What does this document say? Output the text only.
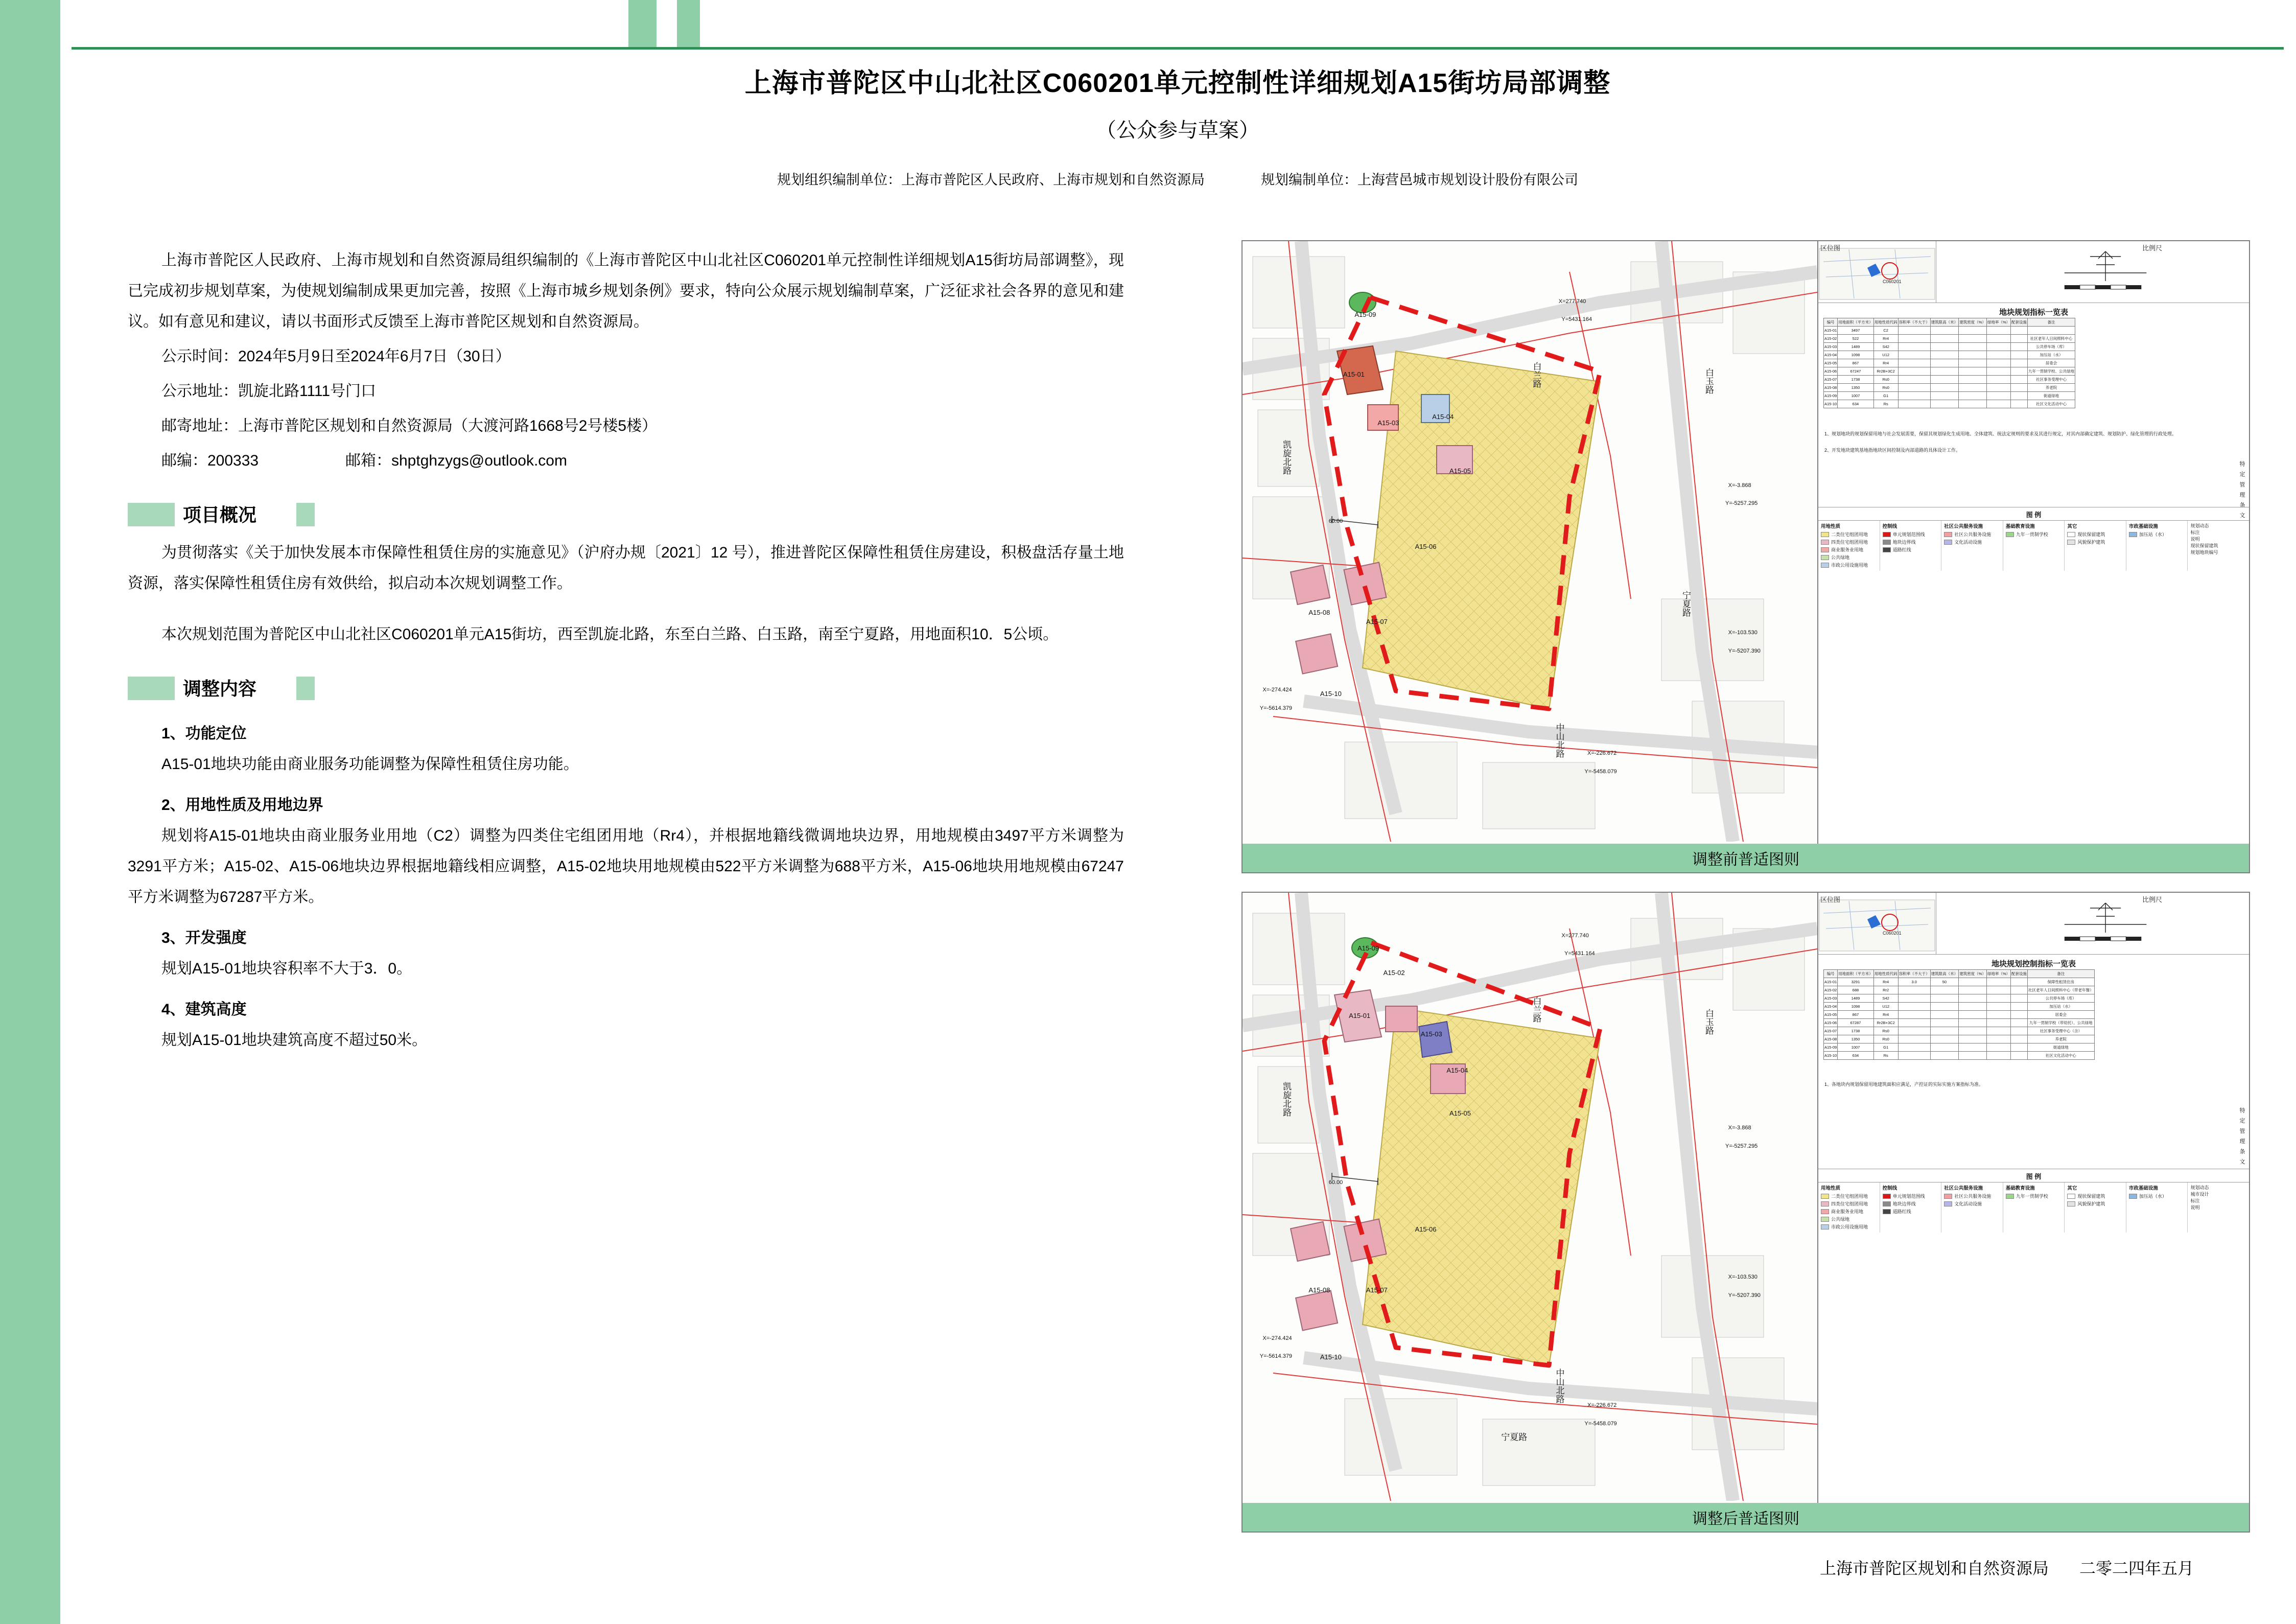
上海市普陀区中山北社区C060201单元控制性详细规划A15街坊局部调整
（公众参与草案）
规划组织编制单位：上海市普陀区人民政府、上海市规划和自然资源局	规划编制单位：上海营邑城市规划设计股份有限公司
上海市普陀区人民政府、上海市规划和自然资源局组织编制的《上海市普陀区中山北社区C060201单元控制性详细规划A15街坊局部调整》，现已完成初步规划草案，为使规划编制成果更加完善，按照《上海市城乡规划条例》要求，特向公众展示规划编制草案，广泛征求社会各界的意见和建议。如有意见和建议，请以书面形式反馈至上海市普陀区规划和自然资源局。
公示时间：2024年5月9日至2024年6月7日（30日）
公示地址：凯旋北路1111号门口
邮寄地址：上海市普陀区规划和自然资源局（大渡河路1668号2号楼5楼）
邮编：200333	邮箱：shptghzygs@outlook.com
项目概况
为贯彻落实《关于加快发展本市保障性租赁住房的实施意见》（沪府办规〔2021〕12 号），推进普陀区保障性租赁住房建设，积极盘活存量土地资源，落实保障性租赁住房有效供给，拟启动本次规划调整工作。
本次规划范围为普陀区中山北社区C060201单元A15街坊，西至凯旋北路，东至白兰路、白玉路，南至宁夏路，用地面积10．5公顷。
调整内容
1、功能定位
A15-01地块功能由商业服务功能调整为保障性租赁住房功能。
2、用地性质及用地边界
规划将A15-01地块由商业服务业用地（C2）调整为四类住宅组团用地（Rr4），并根据地籍线微调地块边界，用地规模由3497平方米调整为3291平方米；A15-02、A15-06地块边界根据地籍线相应调整，A15-02地块用地规模由522平方米调整为688平方米，A15-06地块用地规模由67247平方米调整为67287平方米。
3、开发强度
规划A15-01地块容积率不大于3．0。
4、建筑高度
规划A15-01地块建筑高度不超过50米。
60.00
X=277.740
Y=5431.164
X=-3.868
Y=-5257.295
X=-103.530
Y=-5207.390
X=-226.672
Y=-5458.079
X=-274.424
Y=-5614.379
A15-09
A15-01
A15-03
A15-04
A15-05
A15-06
A15-07
A15-08
A15-10
凯旋北路
白兰路	白玉路
中山北路
宁夏路
区位图
C060201
比例尺
地块规划指标一览表
编号	用地面积（平方米）	用地性质代码	容积率（不大于）	建筑限高（米）	建筑密度（%）	绿地率（%）	配套设施	备注
A15-01	3497	C2						
A15-02	522	Rr4						社区老年人日间照料中心
A15-03	1489	S42						公共停车场（库）
A15-04	1098	U12						加压站（水）
A15-05	867	Rr4						居委会
A15-06	67247	Rr2B+3C2						九年一贯制学校、公共绿地
A15-07	1738	Rs0						社区事务受理中心
A15-08	1350	Rs0						养老院
A15-09	1007	G1						街道绿地
A15-10	634	Rs						社区文化活动中心
1、规划地块的规划保留用地与社会发展需要，保留其规划绿化生成用地、全体建筑、统法定规则的要求及其进行规定，对其内部确定建筑、规划防护、绿化管理的行政处理。
2、开发地块建筑基地指地块区间控制及内部道路的具体设计工作。
特 定 管 理 条 文
图 例
用地性质
二类住宅组团用地
四类住宅组团用地
商业服务业用地
公共绿地
市政公用设施用地
控制线
单元规划范围线
地块边界线
道路红线
社区公共服务设施
社区公共服务设施
文化活动设施
基础教育设施
九年一贯制学校
其它
现状保留建筑
风貌保护建筑
市政基础设施
加压站（水）
规划动态
标注
说明
现状保留建筑
规划地块编号
调整前普适图则
60.00
X=277.740
Y=5431.164
X=-3.868
Y=-5257.295
X=-103.530
Y=-5207.390
X=-226.672
Y=-5458.079
X=-274.424
Y=-5614.379
A15-09
A15-02
A15-01
A15-03
A15-04
A15-05
A15-06
A15-07
A15-08
A15-10
凯旋北路
白兰路	白玉路
中山北路
宁夏路
区位图
C060201
比例尺
地块规划控制指标一览表
编号	用地面积（平方米）	用地性质代码	容积率（不大于）	建筑限高（米）	建筑密度（%）	绿地率（%）	配套设施	备注
A15-01	3291	Rr4	3.0	50				保障性租赁住房
A15-02	688	Rr2						社区老年人日间照料中心（带老年餐）
A15-03	1489	S42						公共停车场（库）
A15-04	1098	U12						加压站（水）
A15-05	867	Rr4						居委会
A15-06	67287	Rr2B+3C2						九年一贯制学校（带幼托）、公共绿地
A15-07	1738	Rs0						社区事务受理中心（含）
A15-08	1350	Rs0						养老院
A15-09	1007	G1						街道绿地
A15-10	634	Rs						社区文化活动中心
1、各地块内规划保留用地建筑面积应满足，产控证的实际实施方案指标为准。
特 定 管 理 条 文
图 例
用地性质
二类住宅组团用地
四类住宅组团用地
商业服务业用地
公共绿地
市政公用设施用地
控制线
单元规划范围线
地块边界线
道路红线
社区公共服务设施
社区公共服务设施
文化活动设施
基础教育设施
九年一贯制学校
其它
现状保留建筑
风貌保护建筑
市政基础设施
加压站（水）
规划动态
城市设计
标注
说明
调整后普适图则
上海市普陀区规划和自然资源局 二零二四年五月
